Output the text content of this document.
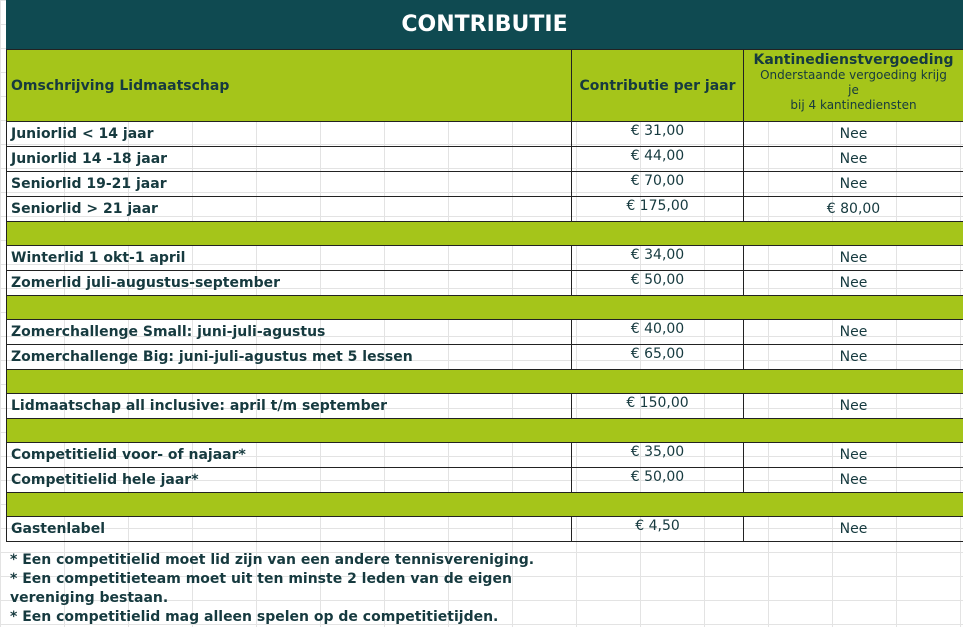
CONTRIBUTIE
Omschrijving Lidmaatschap	Contributie per jaar	Kantinedienstvergoeding
Onderstaande vergoeding krijg
je
bij 4 kantinediensten

Juniorlid < 14 jaar	€ 31,00	Nee
Juniorlid 14 -18 jaar	€ 44,00	Nee
Seniorlid 19-21 jaar	€ 70,00	Nee
Seniorlid > 21 jaar	€ 175,00	€ 80,00

Winterlid 1 okt-1 april	€ 34,00	Nee
Zomerlid juli-augustus-september	€ 50,00	Nee

Zomerchallenge Small: juni-juli-agustus	€ 40,00	Nee
Zomerchallenge Big: juni-juli-agustus met 5 lessen	€ 65,00	Nee

Lidmaatschap all inclusive: april t/m september	€ 150,00	Nee

Competitielid voor- of najaar*	€ 35,00	Nee
Competitielid hele jaar*	€ 50,00	Nee

Gastenlabel	€ 4,50	Nee
* Een competitielid moet lid zijn van een andere tennisvereniging.
* Een competitieteam moet uit ten minste 2 leden van de eigen
vereniging bestaan.
* Een competitielid mag alleen spelen op de competitietijden.
